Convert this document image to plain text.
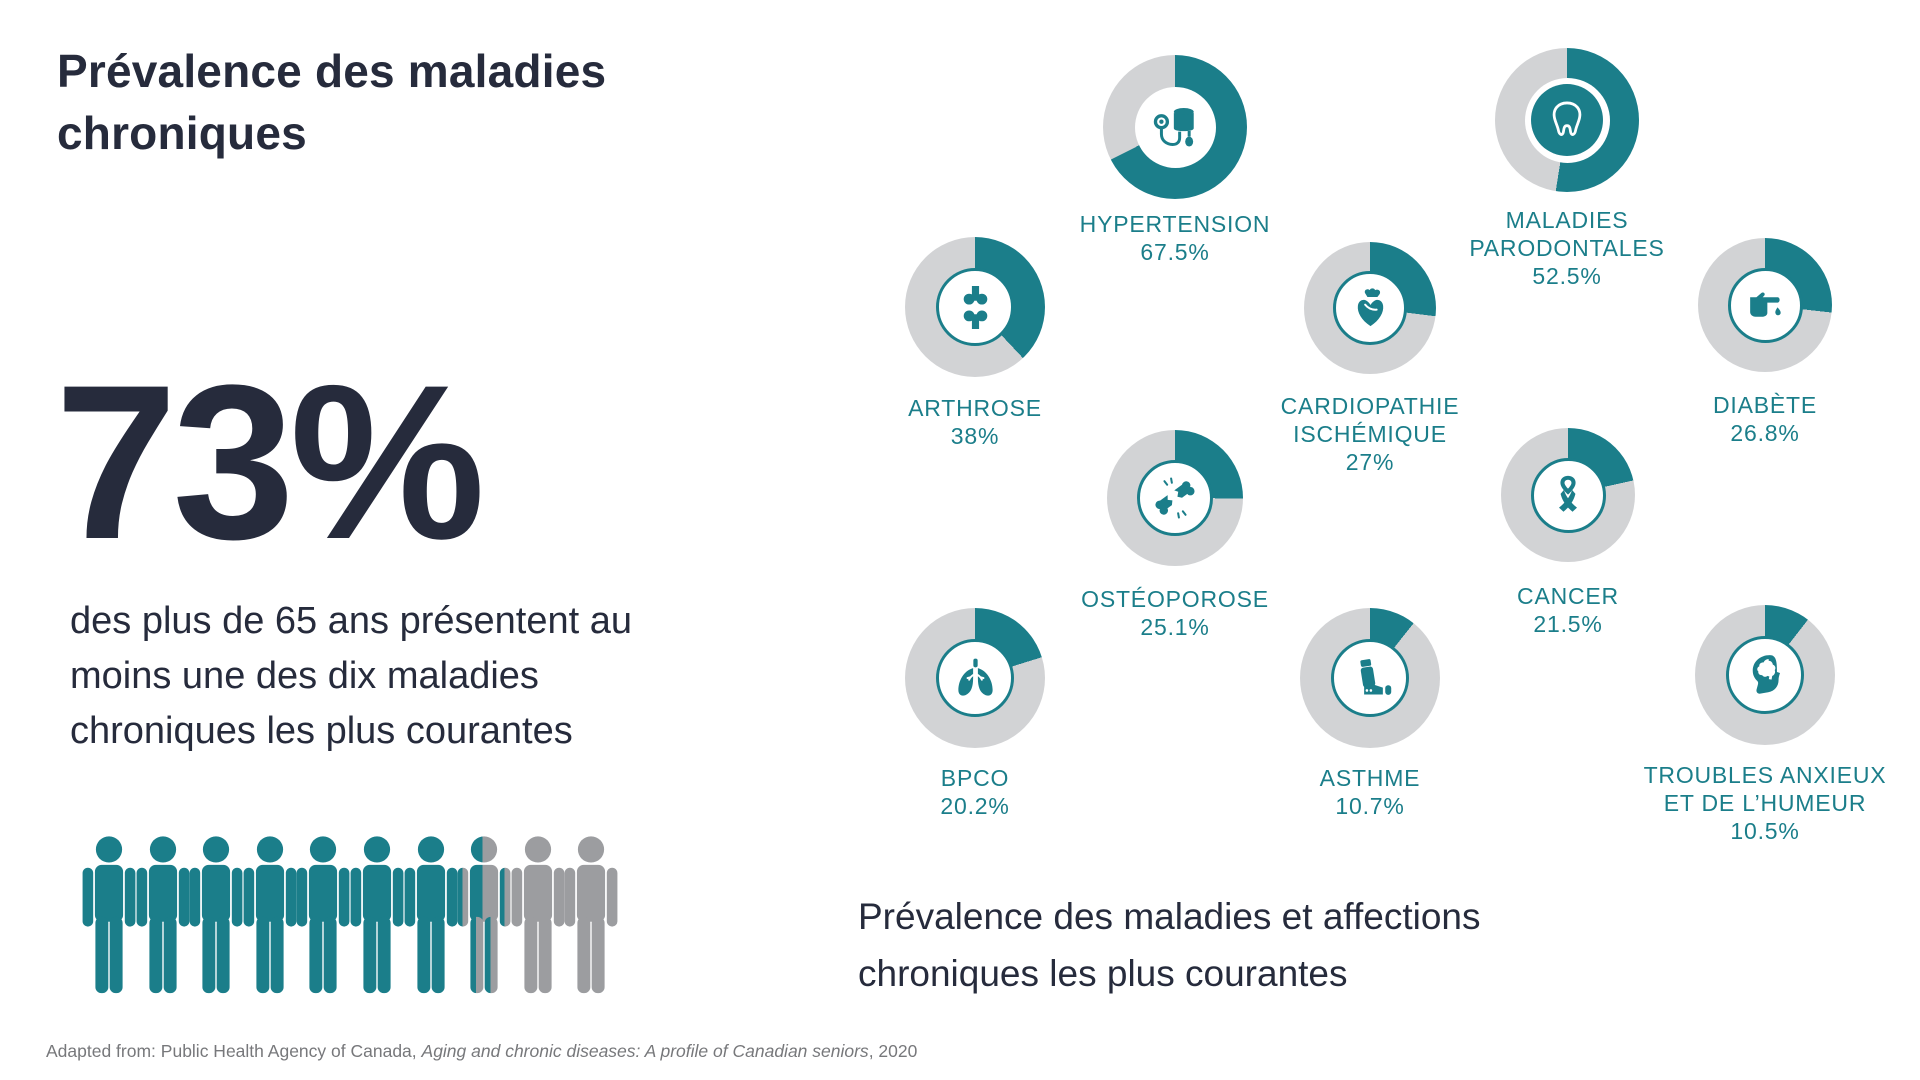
Prévalence des maladies chroniques
73%

des plus de 65 ans présentent au moins une des dix maladies chroniques les plus courantes

HYPERTENSION
67.5%
MALADIES
PARODONTALES
52.5%
ARTHROSE
38%
CARDIOPATHIE
ISCHÉMIQUE
27%
DIABÈTE
26.8%
OSTÉOPOROSE
25.1%
CANCER
21.5%
BPCO
20.2%
ASTHME
10.7%
TROUBLES ANXIEUX
ET DE L’HUMEUR
10.5%

Prévalence des maladies et affections chroniques les plus courantes

Adapted from: Public Health Agency of Canada, Aging and chronic diseases: A profile of Canadian seniors, 2020
